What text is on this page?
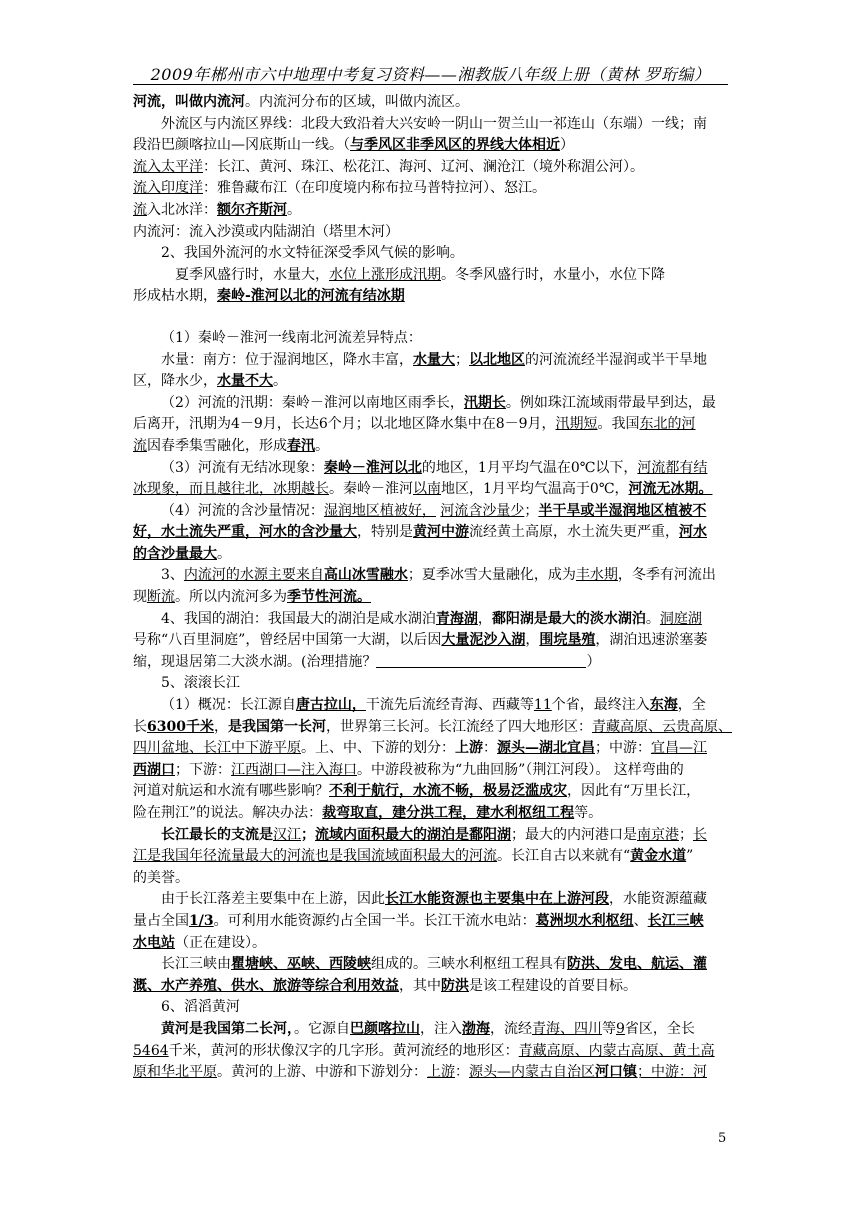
2009年郴州市六中地理中考复习资料——湘教版八年级上册（黄林 罗珩编）
河流，叫做内流河。内流河分布的区域，叫做内流区。
外流区与内流区界线：北段大致沿着大兴安岭一阴山一贺兰山一祁连山（东端）一线；南
段沿巴颜喀拉山—冈底斯山一线。（与季风区非季风区的界线大体相近）
流入太平洋：长江、黄河、珠江、松花江、海河、辽河、澜沧江（境外称湄公河）。
流入印度洋：雅鲁藏布江（在印度境内称布拉马普特拉河）、怒江。
流入北冰洋：额尔齐斯河。
内流河：流入沙漠或内陆湖泊（塔里木河）
2、我国外流河的水文特征深受季风气候的影响。
夏季风盛行时，水量大，水位上涨形成汛期。冬季风盛行时，水量小，水位下降
形成枯水期，秦岭-淮河以北的河流有结冰期
（1）秦岭－淮河一线南北河流差异特点：
水量：南方：位于湿润地区，降水丰富，水量大；以北地区的河流流经半湿润或半干旱地
区，降水少，水量不大。
（2）河流的汛期：秦岭－淮河以南地区雨季长，汛期长。例如珠江流域雨带最早到达，最
后离开，汛期为4－9月，长达6个月；以北地区降水集中在8－9月，汛期短。我国东北的河
流因春季集雪融化，形成春汛。
（3）河流有无结冰现象：秦岭－淮河以北的地区，1月平均气温在0℃以下，河流都有结
冰现象，而且越往北，冰期越长。秦岭－淮河以南地区，1月平均气温高于0℃，河流无冰期。
（4）河流的含沙量情况：湿润地区植被好， 河流含沙量少；半干旱或半湿润地区植被不
好，水土流失严重，河水的含沙量大，特别是黄河中游流经黄土高原，水土流失更严重，河水
的含沙量最大。
3、内流河的水源主要来自高山冰雪融水；夏季冰雪大量融化，成为丰水期，冬季有河流出
现断流。所以内流河多为季节性河流。
4、我国的湖泊：我国最大的湖泊是咸水湖泊青海湖，鄱阳湖是最大的淡水湖泊。洞庭湖
号称“八百里洞庭”，曾经居中国第一大湖，以后因大量泥沙入湖，围垸垦殖，湖泊迅速淤塞萎
缩，现退居第二大淡水湖。(治理措施？	）
5、滚滚长江
（1）概况：长江源自唐古拉山，干流先后流经青海、西藏等11个省，最终注入东海，全
长6300千米，是我国第一长河，世界第三长河。长江流经了四大地形区：青藏高原、云贵高原、
四川盆地、长江中下游平原。上、中、下游的划分：上游：源头—湖北宜昌；中游：宜昌—江
西湖口；下游：江西湖口—注入海口。中游段被称为“九曲回肠”（荆江河段）。 这样弯曲的
河道对航运和水流有哪些影响？不利于航行，水流不畅，极易泛滥成灾，因此有“万里长江，
险在荆江”的说法。解决办法：裁弯取直，建分洪工程，建水利枢纽工程等。
长江最长的支流是汉江；流域内面积最大的湖泊是鄱阳湖；最大的内河港口是南京港；长
江是我国年径流量最大的河流也是我国流域面积最大的河流。长江自古以来就有“黄金水道”
的美誉。
由于长江落差主要集中在上游，因此长江水能资源也主要集中在上游河段，水能资源蕴藏
量占全国1/3。可利用水能资源约占全国一半。长江干流水电站：葛洲坝水利枢纽、长江三峡
水电站（正在建设）。
长江三峡由瞿塘峡、巫峡、西陵峡组成的。三峡水利枢纽工程具有防洪、发电、航运、灌
溉、水产养殖、供水、旅游等综合利用效益，其中防洪是该工程建设的首要目标。
6、滔滔黄河
黄河是我国第二长河，。它源自巴颜喀拉山，注入渤海，流经青海、四川等9省区，全长
5464千米，黄河的形状像汉字的几字形。黄河流经的地形区：青藏高原、内蒙古高原、黄土高
原和华北平原。黄河的上游、中游和下游划分：上游：源头—内蒙古自治区河口镇；中游：河
5
